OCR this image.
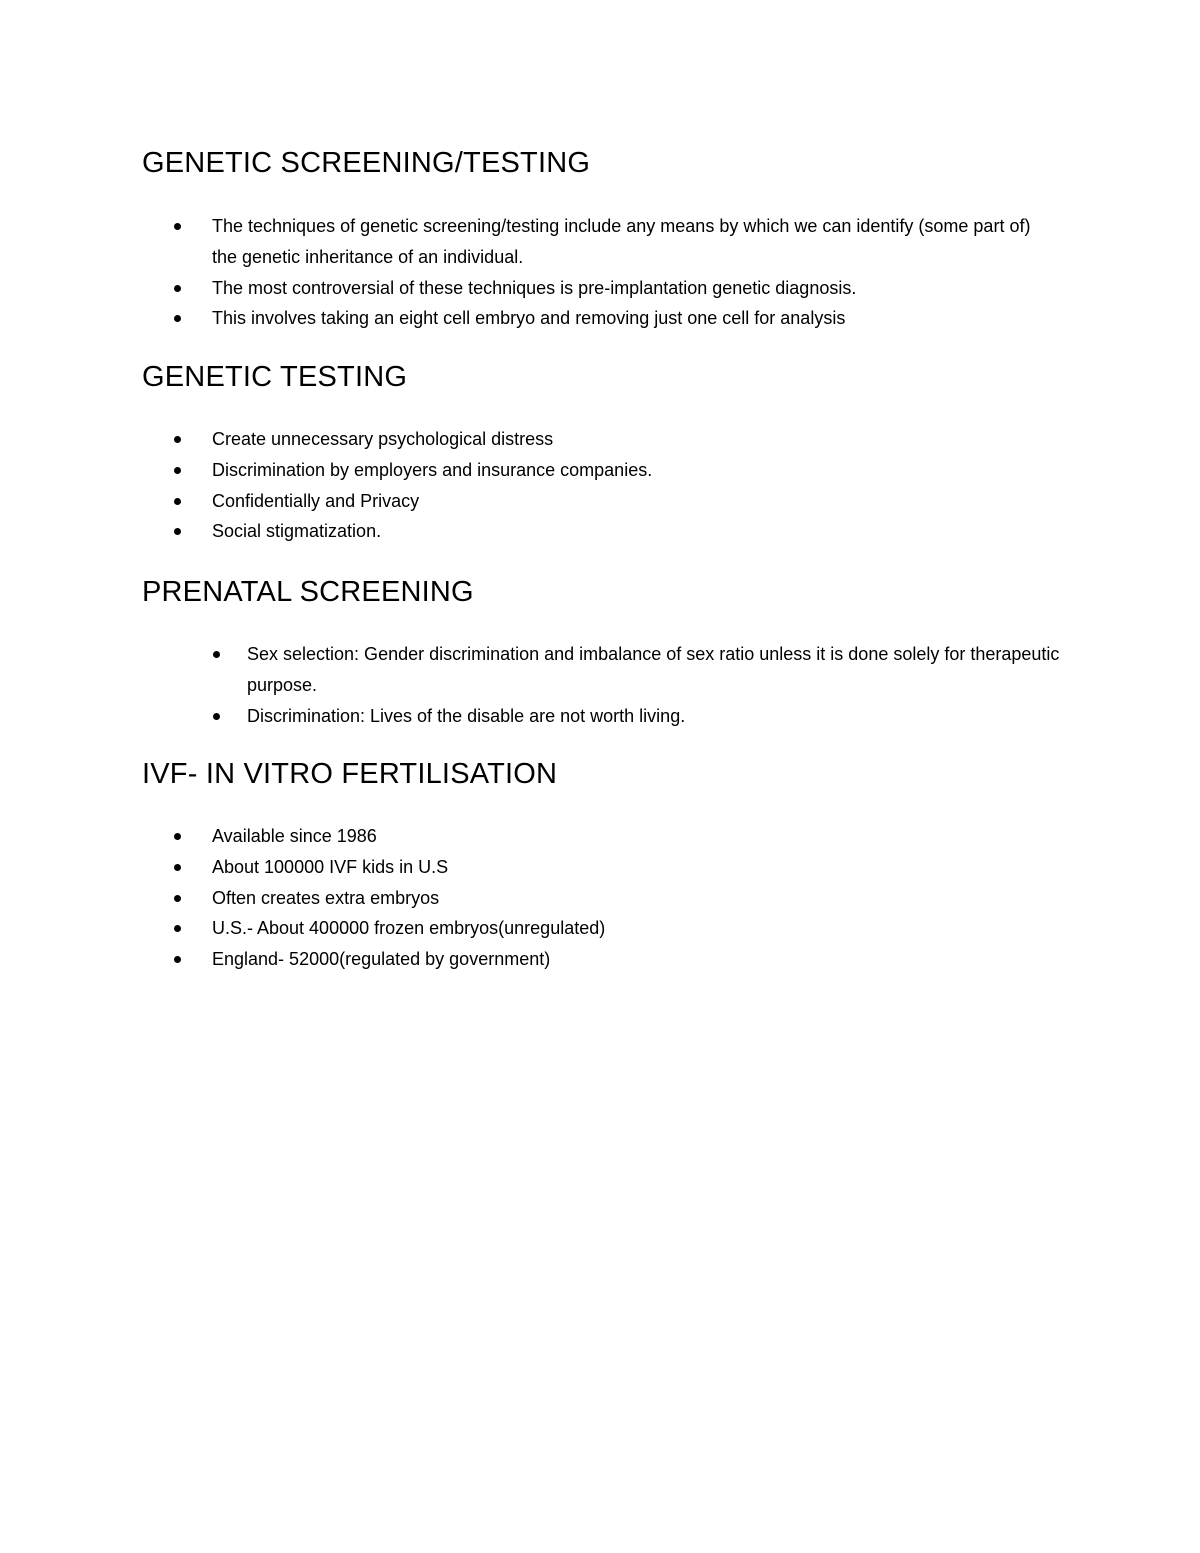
GENETIC SCREENING/TESTING
The techniques of genetic screening/testing include any means by which we can identify (some part of) the genetic inheritance of an individual.
The most controversial of these techniques is pre-implantation genetic diagnosis.
This involves taking an eight cell embryo and removing just one cell for analysis
GENETIC TESTING
Create unnecessary psychological distress
Discrimination by employers and insurance companies.
Confidentially and Privacy
Social stigmatization.
PRENATAL SCREENING
Sex selection: Gender discrimination and imbalance of sex ratio unless it is done solely for therapeutic purpose.
Discrimination: Lives of the disable are not worth living.
IVF- IN VITRO FERTILISATION
Available since 1986
About 100000 IVF kids in U.S
Often creates extra embryos
U.S.- About 400000 frozen embryos(unregulated)
England- 52000(regulated by government)
